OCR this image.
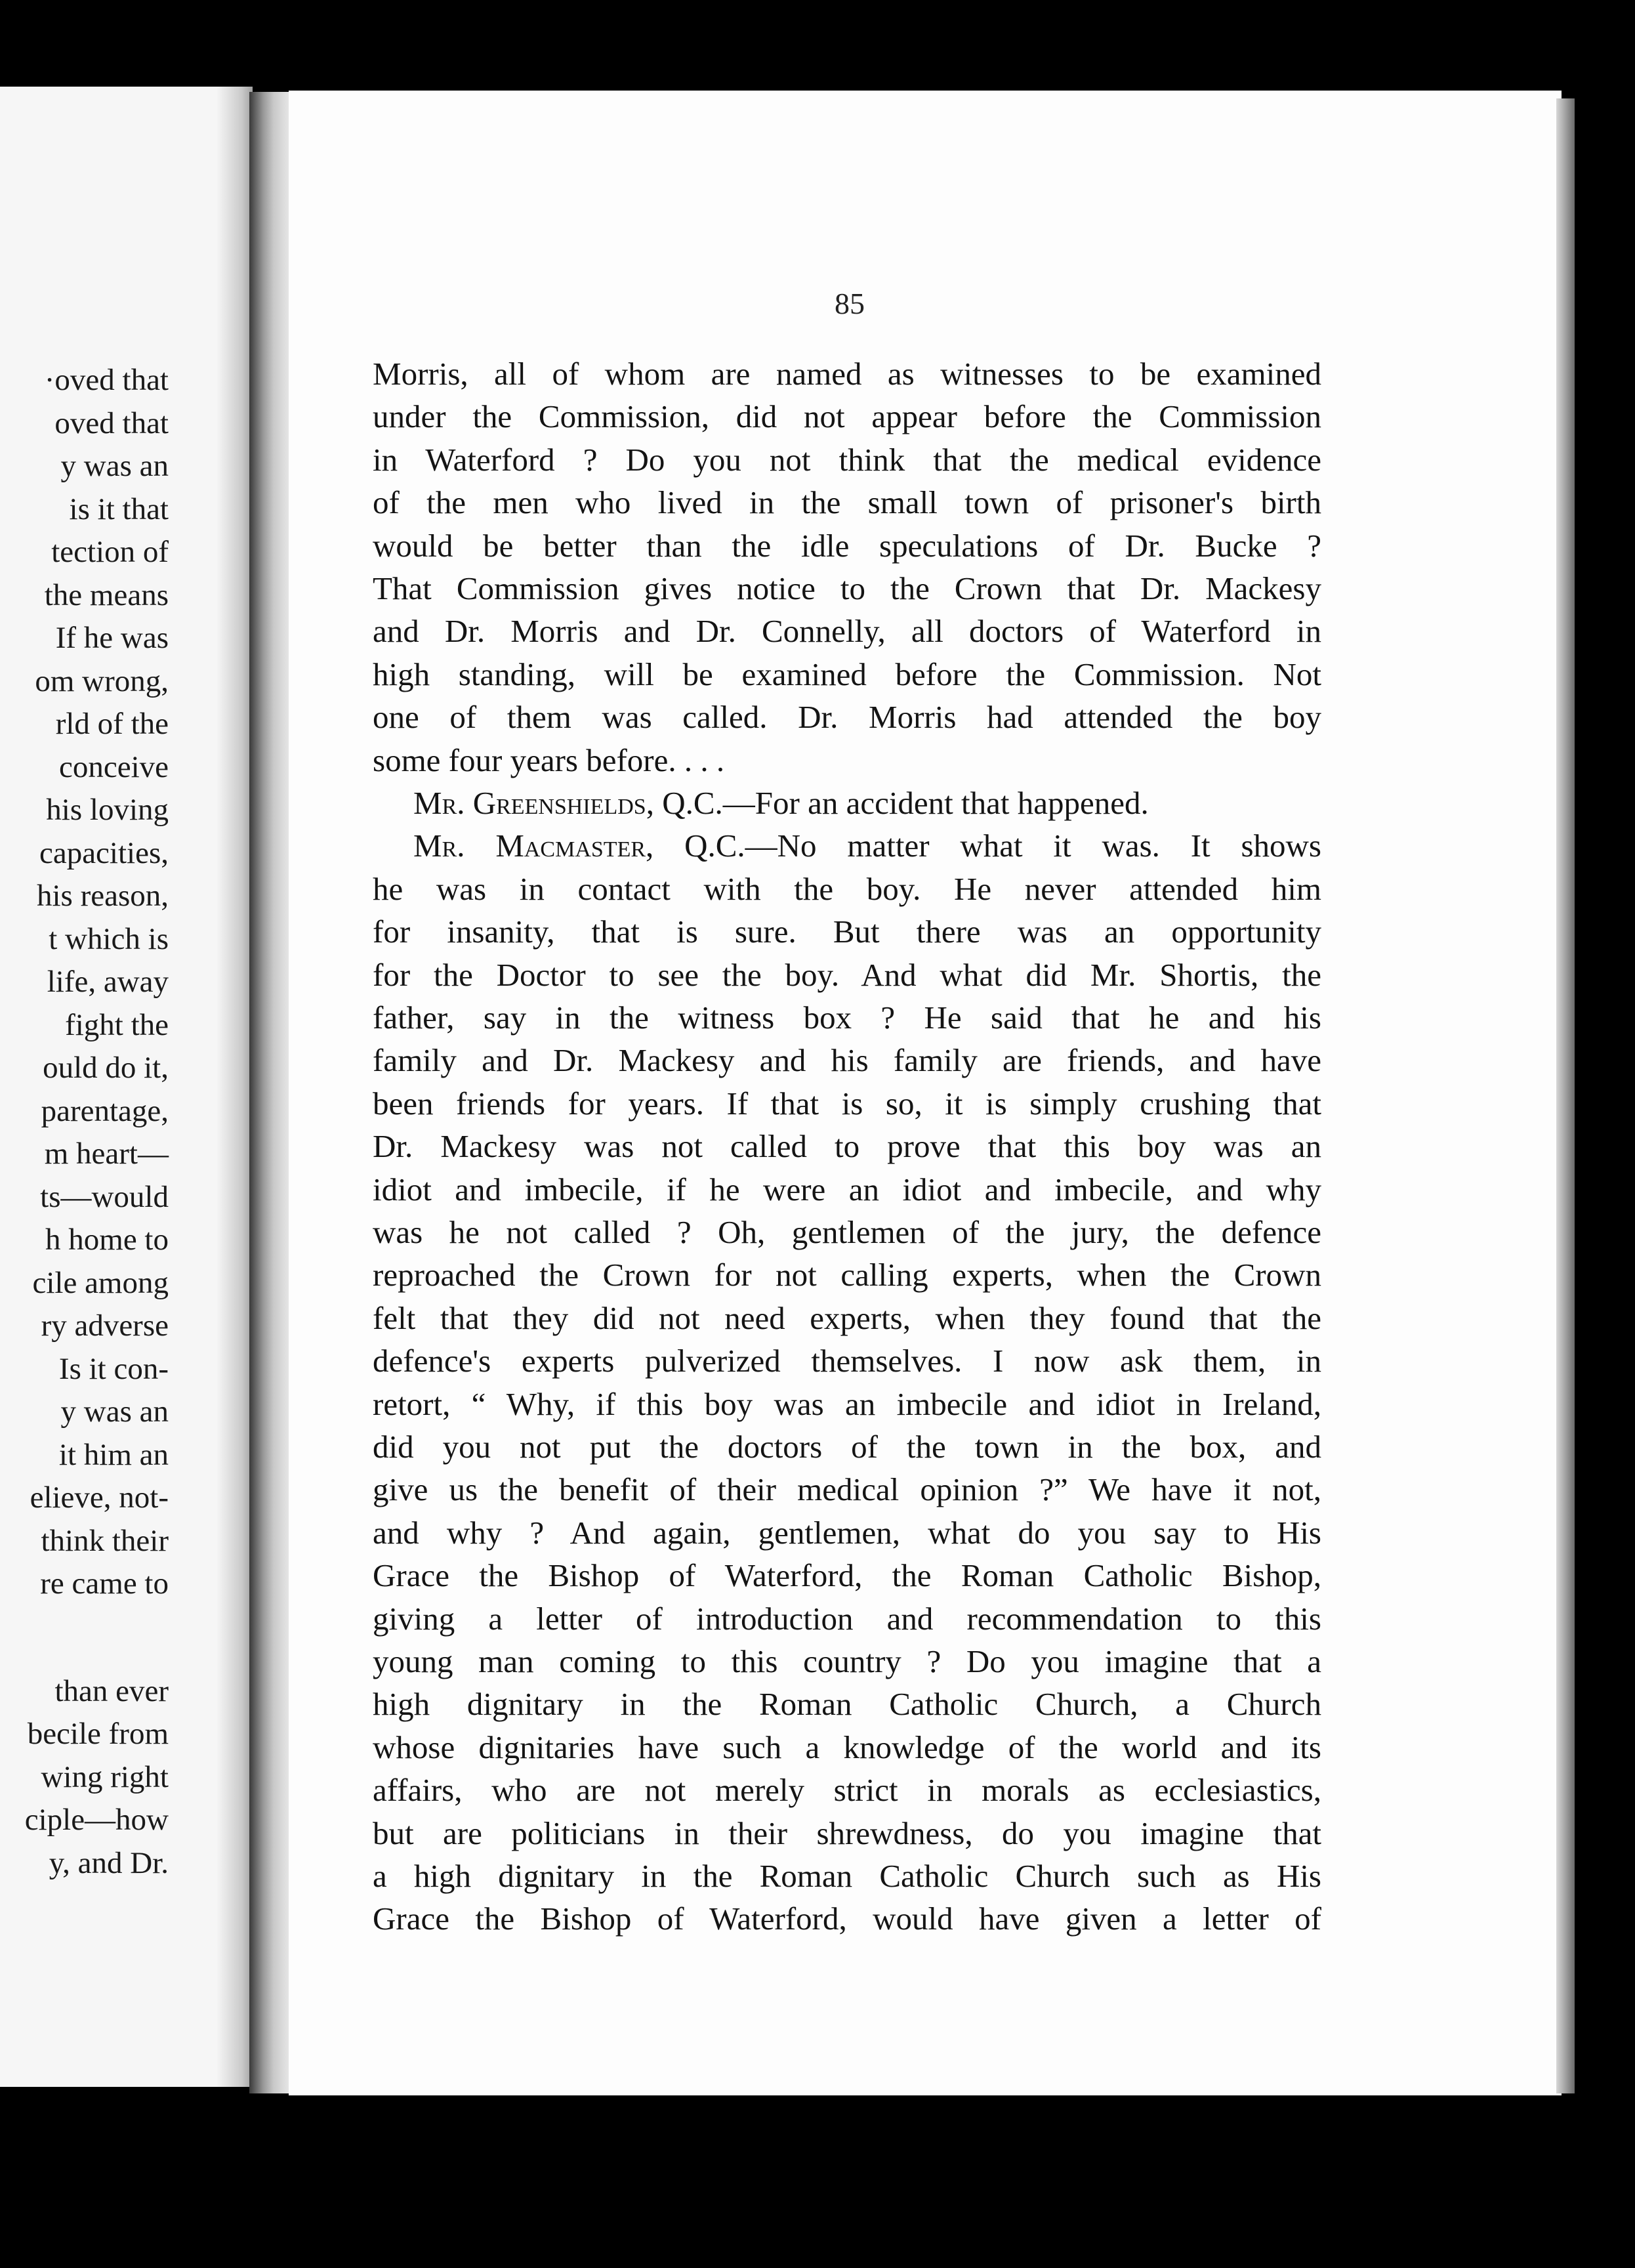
·oved that
oved that
y was an
is it that
tection of
the means
If he was
om wrong,
rld of the
conceive
his loving
capacities,
his reason,
t which is
life, away
fight the
ould do it,
parentage,
m heart—
ts—would
h home to
cile among
ry adverse
Is it con-
y was an
it him an
elieve, not-
think their
re came to
than ever
becile from
wing right
ciple—how
y, and Dr.
85
Morris, all of whom are named as witnesses to be examined
under the Commission, did not appear before the Commission
in Waterford ? Do you not think that the medical evidence
of the men who lived in the small town of prisoner's birth
would be better than the idle speculations of Dr. Bucke ?
That Commission gives notice to the Crown that Dr. Mackesy
and Dr. Morris and Dr. Connelly, all doctors of Waterford in
high standing, will be examined before the Commission. Not
one of them was called. Dr. Morris had attended the boy
some four years before. . . .
Mr. Greenshields, Q.C.—For an accident that happened.
Mr. Macmaster, Q.C.—No matter what it was. It shows
he was in contact with the boy. He never attended him
for insanity, that is sure. But there was an opportunity
for the Doctor to see the boy. And what did Mr. Shortis, the
father, say in the witness box ? He said that he and his
family and Dr. Mackesy and his family are friends, and have
been friends for years. If that is so, it is simply crushing that
Dr. Mackesy was not called to prove that this boy was an
idiot and imbecile, if he were an idiot and imbecile, and why
was he not called ? Oh, gentlemen of the jury, the defence
reproached the Crown for not calling experts, when the Crown
felt that they did not need experts, when they found that the
defence's experts pulverized themselves. I now ask them, in
retort, “ Why, if this boy was an imbecile and idiot in Ireland,
did you not put the doctors of the town in the box, and
give us the benefit of their medical opinion ?” We have it not,
and why ? And again, gentlemen, what do you say to His
Grace the Bishop of Waterford, the Roman Catholic Bishop,
giving a letter of introduction and recommendation to this
young man coming to this country ? Do you imagine that a
high dignitary in the Roman Catholic Church, a Church
whose dignitaries have such a knowledge of the world and its
affairs, who are not merely strict in morals as ecclesiastics,
but are politicians in their shrewdness, do you imagine that
a high dignitary in the Roman Catholic Church such as His
Grace the Bishop of Waterford, would have given a letter of
